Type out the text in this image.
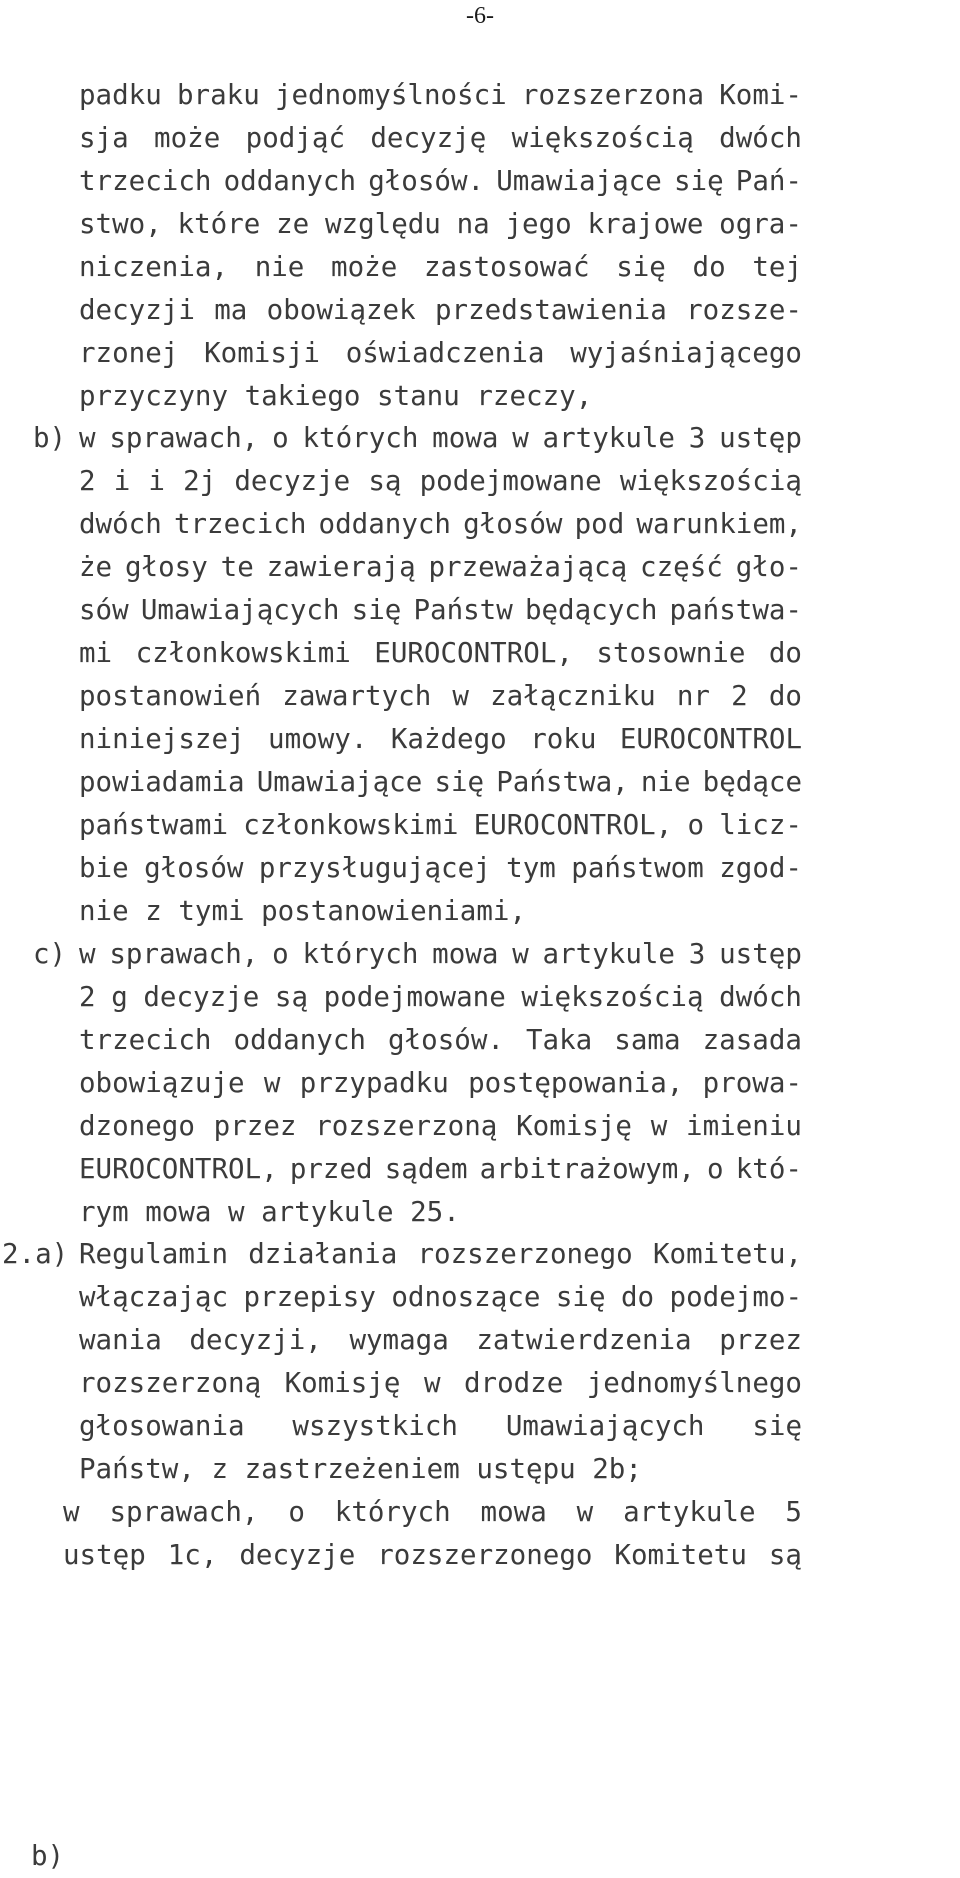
-6-
b)
c)
2.a)
b)
padku braku jednomyślności rozszerzona Komi-
sja może podjąć decyzję większością dwóch
trzecich oddanych głosów. Umawiające się Pań-
stwo, które ze względu na jego krajowe ogra-
niczenia, nie może zastosować się do tej
decyzji ma obowiązek przedstawienia rozsze-
rzonej Komisji oświadczenia wyjaśniającego
przyczyny takiego stanu rzeczy,
w sprawach, o których mowa w artykule 3 ustęp
2 i i 2j decyzje są podejmowane większością
dwóch trzecich oddanych głosów pod warunkiem,
że głosy te zawierają przeważającą część gło-
sów Umawiających się Państw będących państwa-
mi członkowskimi EUROCONTROL, stosownie do
postanowień zawartych w załączniku nr 2 do
niniejszej umowy. Każdego roku EUROCONTROL
powiadamia Umawiające się Państwa, nie będące
państwami członkowskimi EUROCONTROL, o licz-
bie głosów przysługującej tym państwom zgod-
nie z tymi postanowieniami,
w sprawach, o których mowa w artykule 3 ustęp
2 g decyzje są podejmowane większością dwóch
trzecich oddanych głosów. Taka sama zasada
obowiązuje w przypadku postępowania, prowa-
dzonego przez rozszerzoną Komisję w imieniu
EUROCONTROL, przed sądem arbitrażowym, o któ-
rym mowa w artykule 25.
Regulamin działania rozszerzonego Komitetu,
włączając przepisy odnoszące się do podejmo-
wania decyzji, wymaga zatwierdzenia przez
rozszerzoną Komisję w drodze jednomyślnego
głosowania wszystkich Umawiających się
Państw, z zastrzeżeniem ustępu 2b;
w sprawach, o których mowa w artykule 5
ustęp 1c, decyzje rozszerzonego Komitetu są
